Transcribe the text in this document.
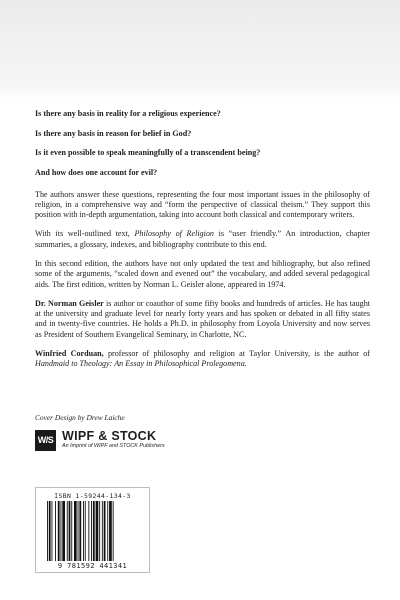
Is there any basis in reality for a religious experience?

Is there any basis in reason for belief in God?

Is it even possible to speak meaningfully of a transcendent being?

And how does one account for evil?

The authors answer these questions, representing the four most important issues in the philosophy of religion, in a comprehensive way and “form the perspective of classical theism.” They support this position with in-depth argumentation, taking into account both classical and contemporary writers.

With its well-outlined text, Philosophy of Religion is “user friendly.” An introduction, chapter summaries, a glossary, indexes, and bibliography contribute to this end.

In this second edition, the authors have not only updated the text and bibliography, but also refined some of the arguments, “scaled down and evened out” the vocabulary, and added several pedagogical aids. The first edition, written by Norman L. Geisler alone, appeared in 1974.

Dr. Norman Geisler is author or coauthor of some fifty books and hundreds of articles. He has taught at the university and graduate level for nearly forty years and has spoken or debated in all fifty states and in twenty-five countries. He holds a Ph.D. in philosophy from Loyola University and now serves as President of Southern Evangelical Seminary, in Charlotte, NC.

Winfried Corduan, professor of philosophy and religion at Taylor University, is the author of Handmaid to Theology: An Essay in Philosophical Prolegomena.

Cover Design by Drew Laiche
W/S WIPF & STOCK
An Imprint of WIPF and STOCK Publishers
ISBN 1-59244-134-3
9 781592 441341
